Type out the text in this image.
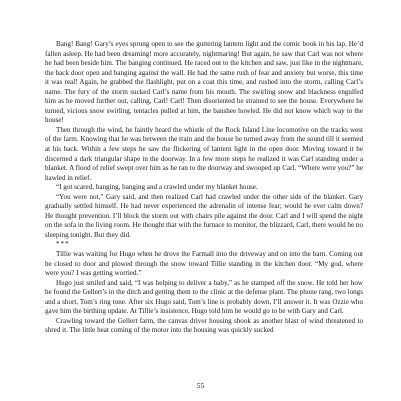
Bang! Bang! Gary’s eyes sprung open to see the guttering lantern light and the comic book in his lap. He’d fallen asleep. He had been dreaming! more accurately, nightmaring! But again, he saw that Carl was not where he had been beside him. The banging continued. He raced out to the kitchen and saw, just like in the nightmare, the back door open and banging against the wall. He had the same rush of fear and anxiety but worse, this time it was real! Again, he grabbed the flashlight, put on a coat this time, and rushed into the storm, calling Carl’s name. The fury of the storm sucked Carl’s name from his mouth. The swirling snow and blackness engulfed him as he moved further out, calling, Carl! Carl! Then disoriented he strained to see the house. Everywhere he turned, vicious snow swirling, tentacles pulled at him, the banshee howled. He did not know which way to the house!

Then through the wind, he faintly heard the whistle of the Rock Island Line locomotive on the tracks west of the farm. Knowing that he was between the train and the house he turned away from the sound till it seemed at his back. Within a few steps he saw the flickering of lantern light in the open door. Moving toward it he discerned a dark triangular shape in the doorway. In a few more steps he realized it was Carl standing under a blanket. A flood of relief swept over him as he ran to the doorway and swooped up Carl. “Where were you?” he hawled in relief.

“I got scared, banging, banging and a crawled under my blanket house.

“You were not,” Gary said, and then realized Carl had crawled under the other side of the blanket. Gary gradually settled himself. He had never experienced the adrenalin of intense fear; would he ever calm down? He thought prevention. I’ll block the storm out with chairs pile against the door. Carl and I will spend the night on the sofa in the living room. He thought that with the furnace to monitor, the blizzard, Carl, there would be no sleeping tonight. But they did.

***

Tillie was waiting for Hugo when he drove the Farmall into the driveway and on into the barn. Coming out he closed to door and plowed through the snow toward Tillie standing in the kitchen door. “My god, where were you? I was getting worried.”

Hugo just smiled and said, “I was helping to deliver a baby,” as he stamped off the snow. He told her how he found the Gellert’s in the ditch and getting them to the clinic at the defense plant. The phone rang, two longs and a short, Tom’s ring tone. After six Hugo said, Tom’s line is probably down, I’ll answer it. It was Ozzie who gave him the birthing update. At Tillie’s insistence, Hugo told him he would go to be with Gary and Carl.

Crawling toward the Gellert farm, the canvas driver housing shook as another blast of wind threatened to shred it. The little heat coming of the motor into the housing was quickly sucked

55
